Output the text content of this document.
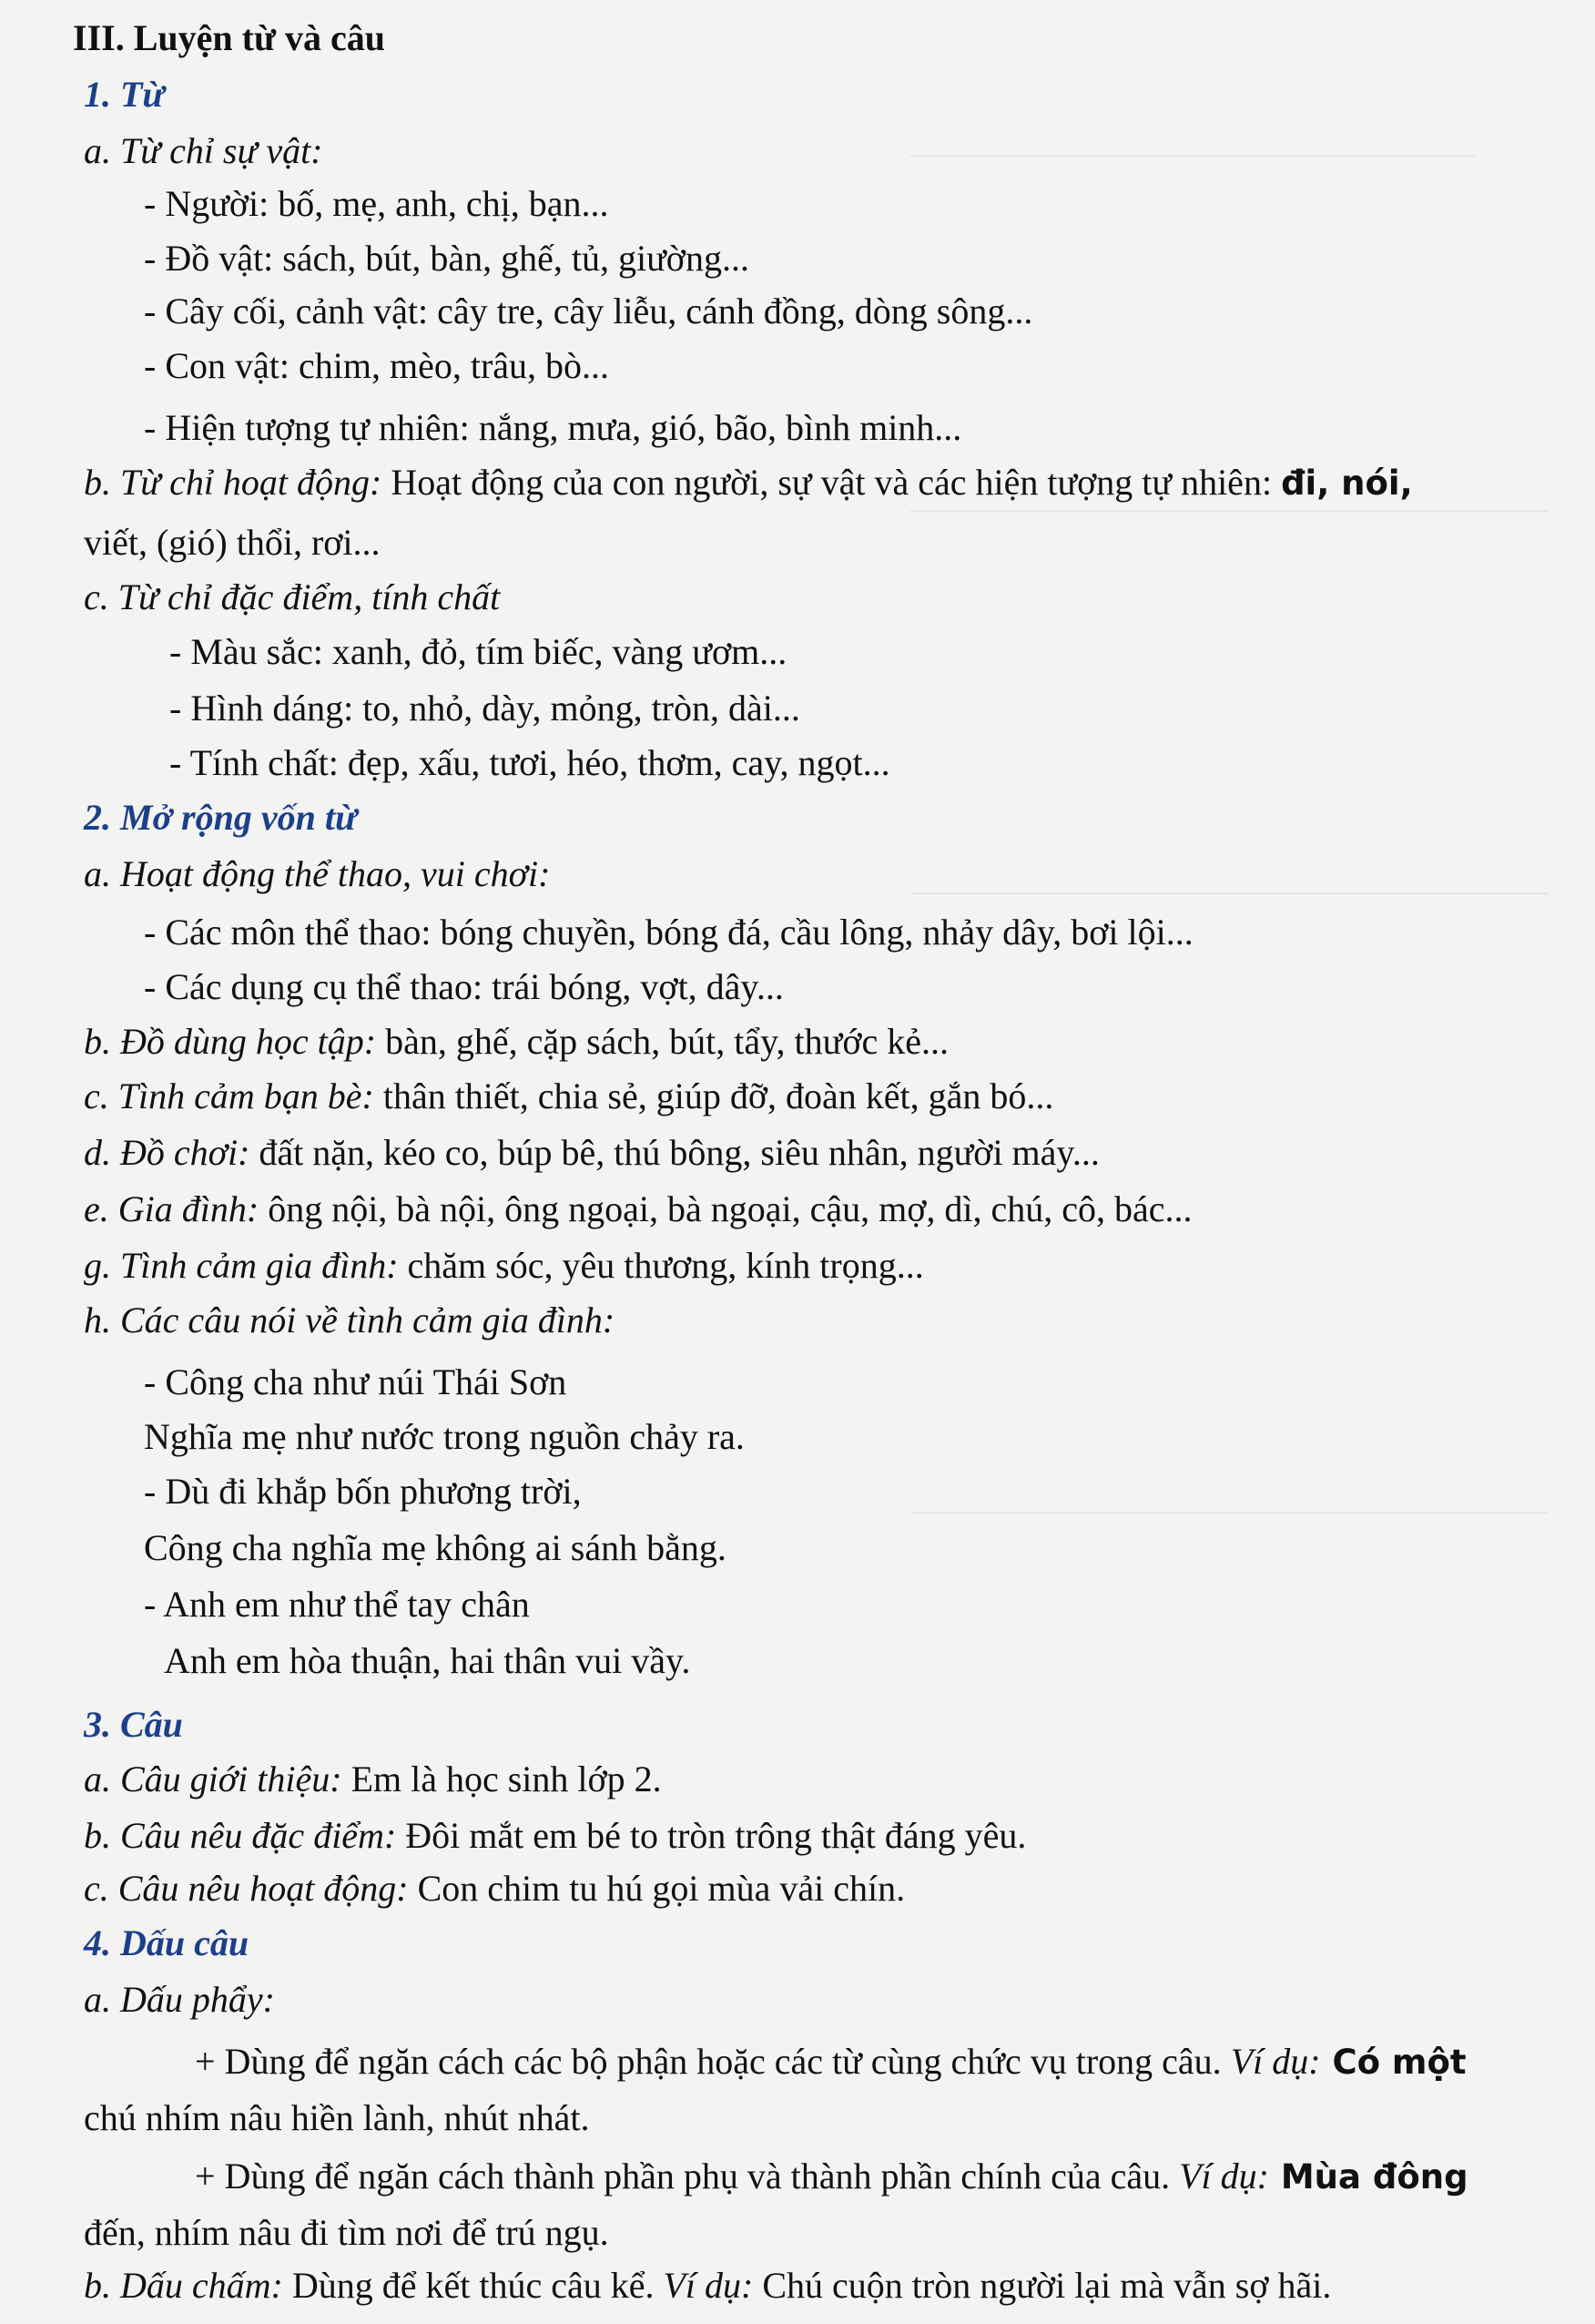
III. Luyện từ và câu
1. Từ
a. Từ chỉ sự vật:
- Người: bố, mẹ, anh, chị, bạn...
- Đồ vật: sách, bút, bàn, ghế, tủ, giường...
- Cây cối, cảnh vật: cây tre, cây liễu, cánh đồng, dòng sông...
- Con vật: chim, mèo, trâu, bò...
- Hiện tượng tự nhiên: nắng, mưa, gió, bão, bình minh...
b. Từ chỉ hoạt động: Hoạt động của con người, sự vật và các hiện tượng tự nhiên: đi, nói,
viết, (gió) thổi, rơi...
c. Từ chỉ đặc điểm, tính chất
- Màu sắc: xanh, đỏ, tím biếc, vàng ươm...
- Hình dáng: to, nhỏ, dày, mỏng, tròn, dài...
- Tính chất: đẹp, xấu, tươi, héo, thơm, cay, ngọt...
2. Mở rộng vốn từ
a. Hoạt động thể thao, vui chơi:
- Các môn thể thao: bóng chuyền, bóng đá, cầu lông, nhảy dây, bơi lội...
- Các dụng cụ thể thao: trái bóng, vợt, dây...
b. Đồ dùng học tập: bàn, ghế, cặp sách, bút, tẩy, thước kẻ...
c. Tình cảm bạn bè: thân thiết, chia sẻ, giúp đỡ, đoàn kết, gắn bó...
d. Đồ chơi: đất nặn, kéo co, búp bê, thú bông, siêu nhân, người máy...
e. Gia đình: ông nội, bà nội, ông ngoại, bà ngoại, cậu, mợ, dì, chú, cô, bác...
g. Tình cảm gia đình: chăm sóc, yêu thương, kính trọng...
h. Các câu nói về tình cảm gia đình:
- Công cha như núi Thái Sơn
Nghĩa mẹ như nước trong nguồn chảy ra.
- Dù đi khắp bốn phương trời,
Công cha nghĩa mẹ không ai sánh bằng.
- Anh em như thể tay chân
Anh em hòa thuận, hai thân vui vầy.
3. Câu
a. Câu giới thiệu: Em là học sinh lớp 2.
b. Câu nêu đặc điểm: Đôi mắt em bé to tròn trông thật đáng yêu.
c. Câu nêu hoạt động: Con chim tu hú gọi mùa vải chín.
4. Dấu câu
a. Dấu phẩy:
+ Dùng để ngăn cách các bộ phận hoặc các từ cùng chức vụ trong câu. Ví dụ: Có một
chú nhím nâu hiền lành, nhút nhát.
+ Dùng để ngăn cách thành phần phụ và thành phần chính của câu. Ví dụ: Mùa đông
đến, nhím nâu đi tìm nơi để trú ngụ.
b. Dấu chấm: Dùng để kết thúc câu kể. Ví dụ: Chú cuộn tròn người lại mà vẫn sợ hãi.
